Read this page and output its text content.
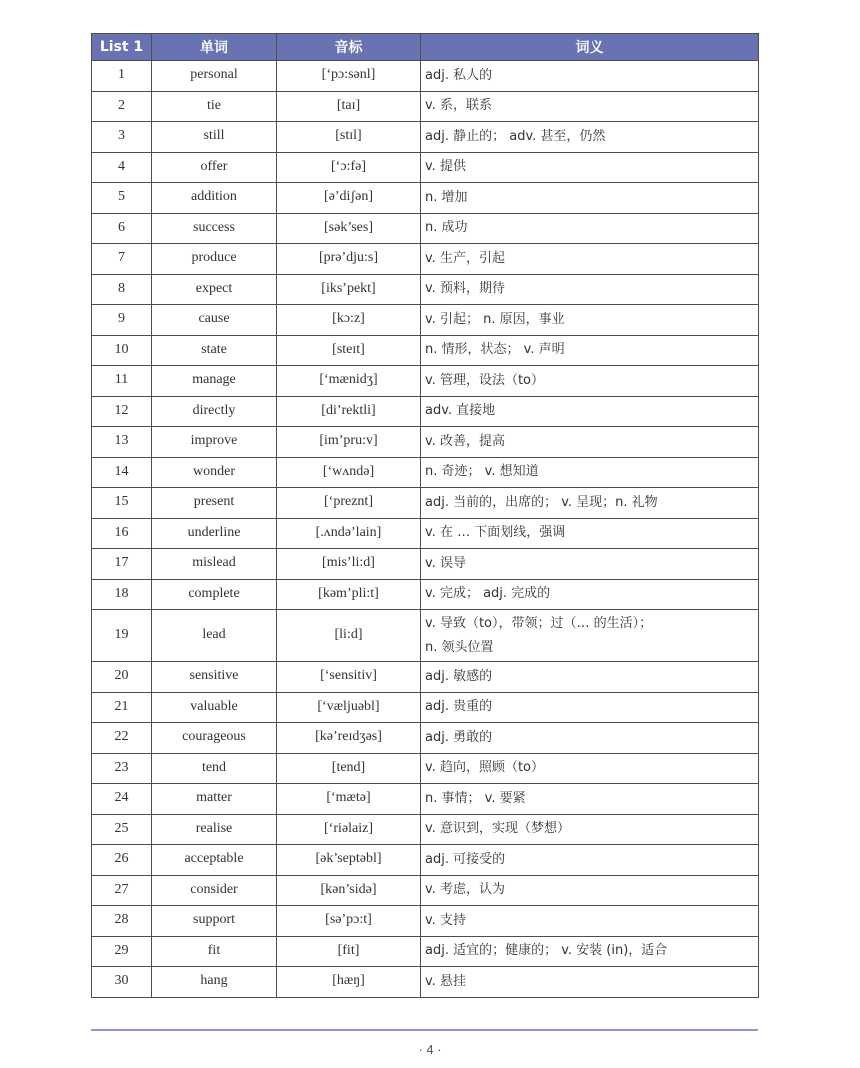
List 1	单词	音标	词义
1	personal	[‘pɔ:sənl]	adj. 私人的
2	tie	[taɪ]	v. 系，联系
3	still	[stɪl]	adj. 静止的； adv. 甚至，仍然
4	offer	[‘ɔ:fə]	v. 提供
5	addition	[ə’diʃən]	n. 增加
6	success	[sək’ses]	n. 成功
7	produce	[prə’dju:s]	v. 生产，引起
8	expect	[iks’pekt]	v. 预料，期待
9	cause	[kɔ:z]	v. 引起； n. 原因，事业
10	state	[steɪt]	n. 情形，状态； v. 声明
11	manage	[‘mænidʒ]	v. 管理，设法（to）
12	directly	[di’rektli]	adv. 直接地
13	improve	[im’pru:v]	v. 改善，提高
14	wonder	[‘wʌndə]	n. 奇迹； v. 想知道
15	present	[‘preznt]	adj. 当前的，出席的； v. 呈现；n. 礼物
16	underline	[.ʌndə’lain]	v. 在 … 下面划线，强调
17	mislead	[mis’li:d]	v. 误导
18	complete	[kəm’pli:t]	v. 完成； adj. 完成的
19	lead	[li:d]	v. 导致（to），带领；过（… 的生活）；
n. 领头位置

20	sensitive	[‘sensitiv]	adj. 敏感的
21	valuable	[‘væljuəbl]	adj. 贵重的
22	courageous	[kə’reɪdʒəs]	adj. 勇敢的
23	tend	[tend]	v. 趋向，照顾（to）
24	matter	[‘mætə]	n. 事情； v. 要紧
25	realise	[‘riəlaiz]	v. 意识到，实现（梦想）
26	acceptable	[ək’septəbl]	adj. 可接受的
27	consider	[kən’sidə]	v. 考虑，认为
28	support	[sə’pɔ:t]	v. 支持
29	fit	[fit]	adj. 适宜的；健康的； v. 安装 (in)，适合
30	hang	[hæŋ]	v. 悬挂
· 4 ·
